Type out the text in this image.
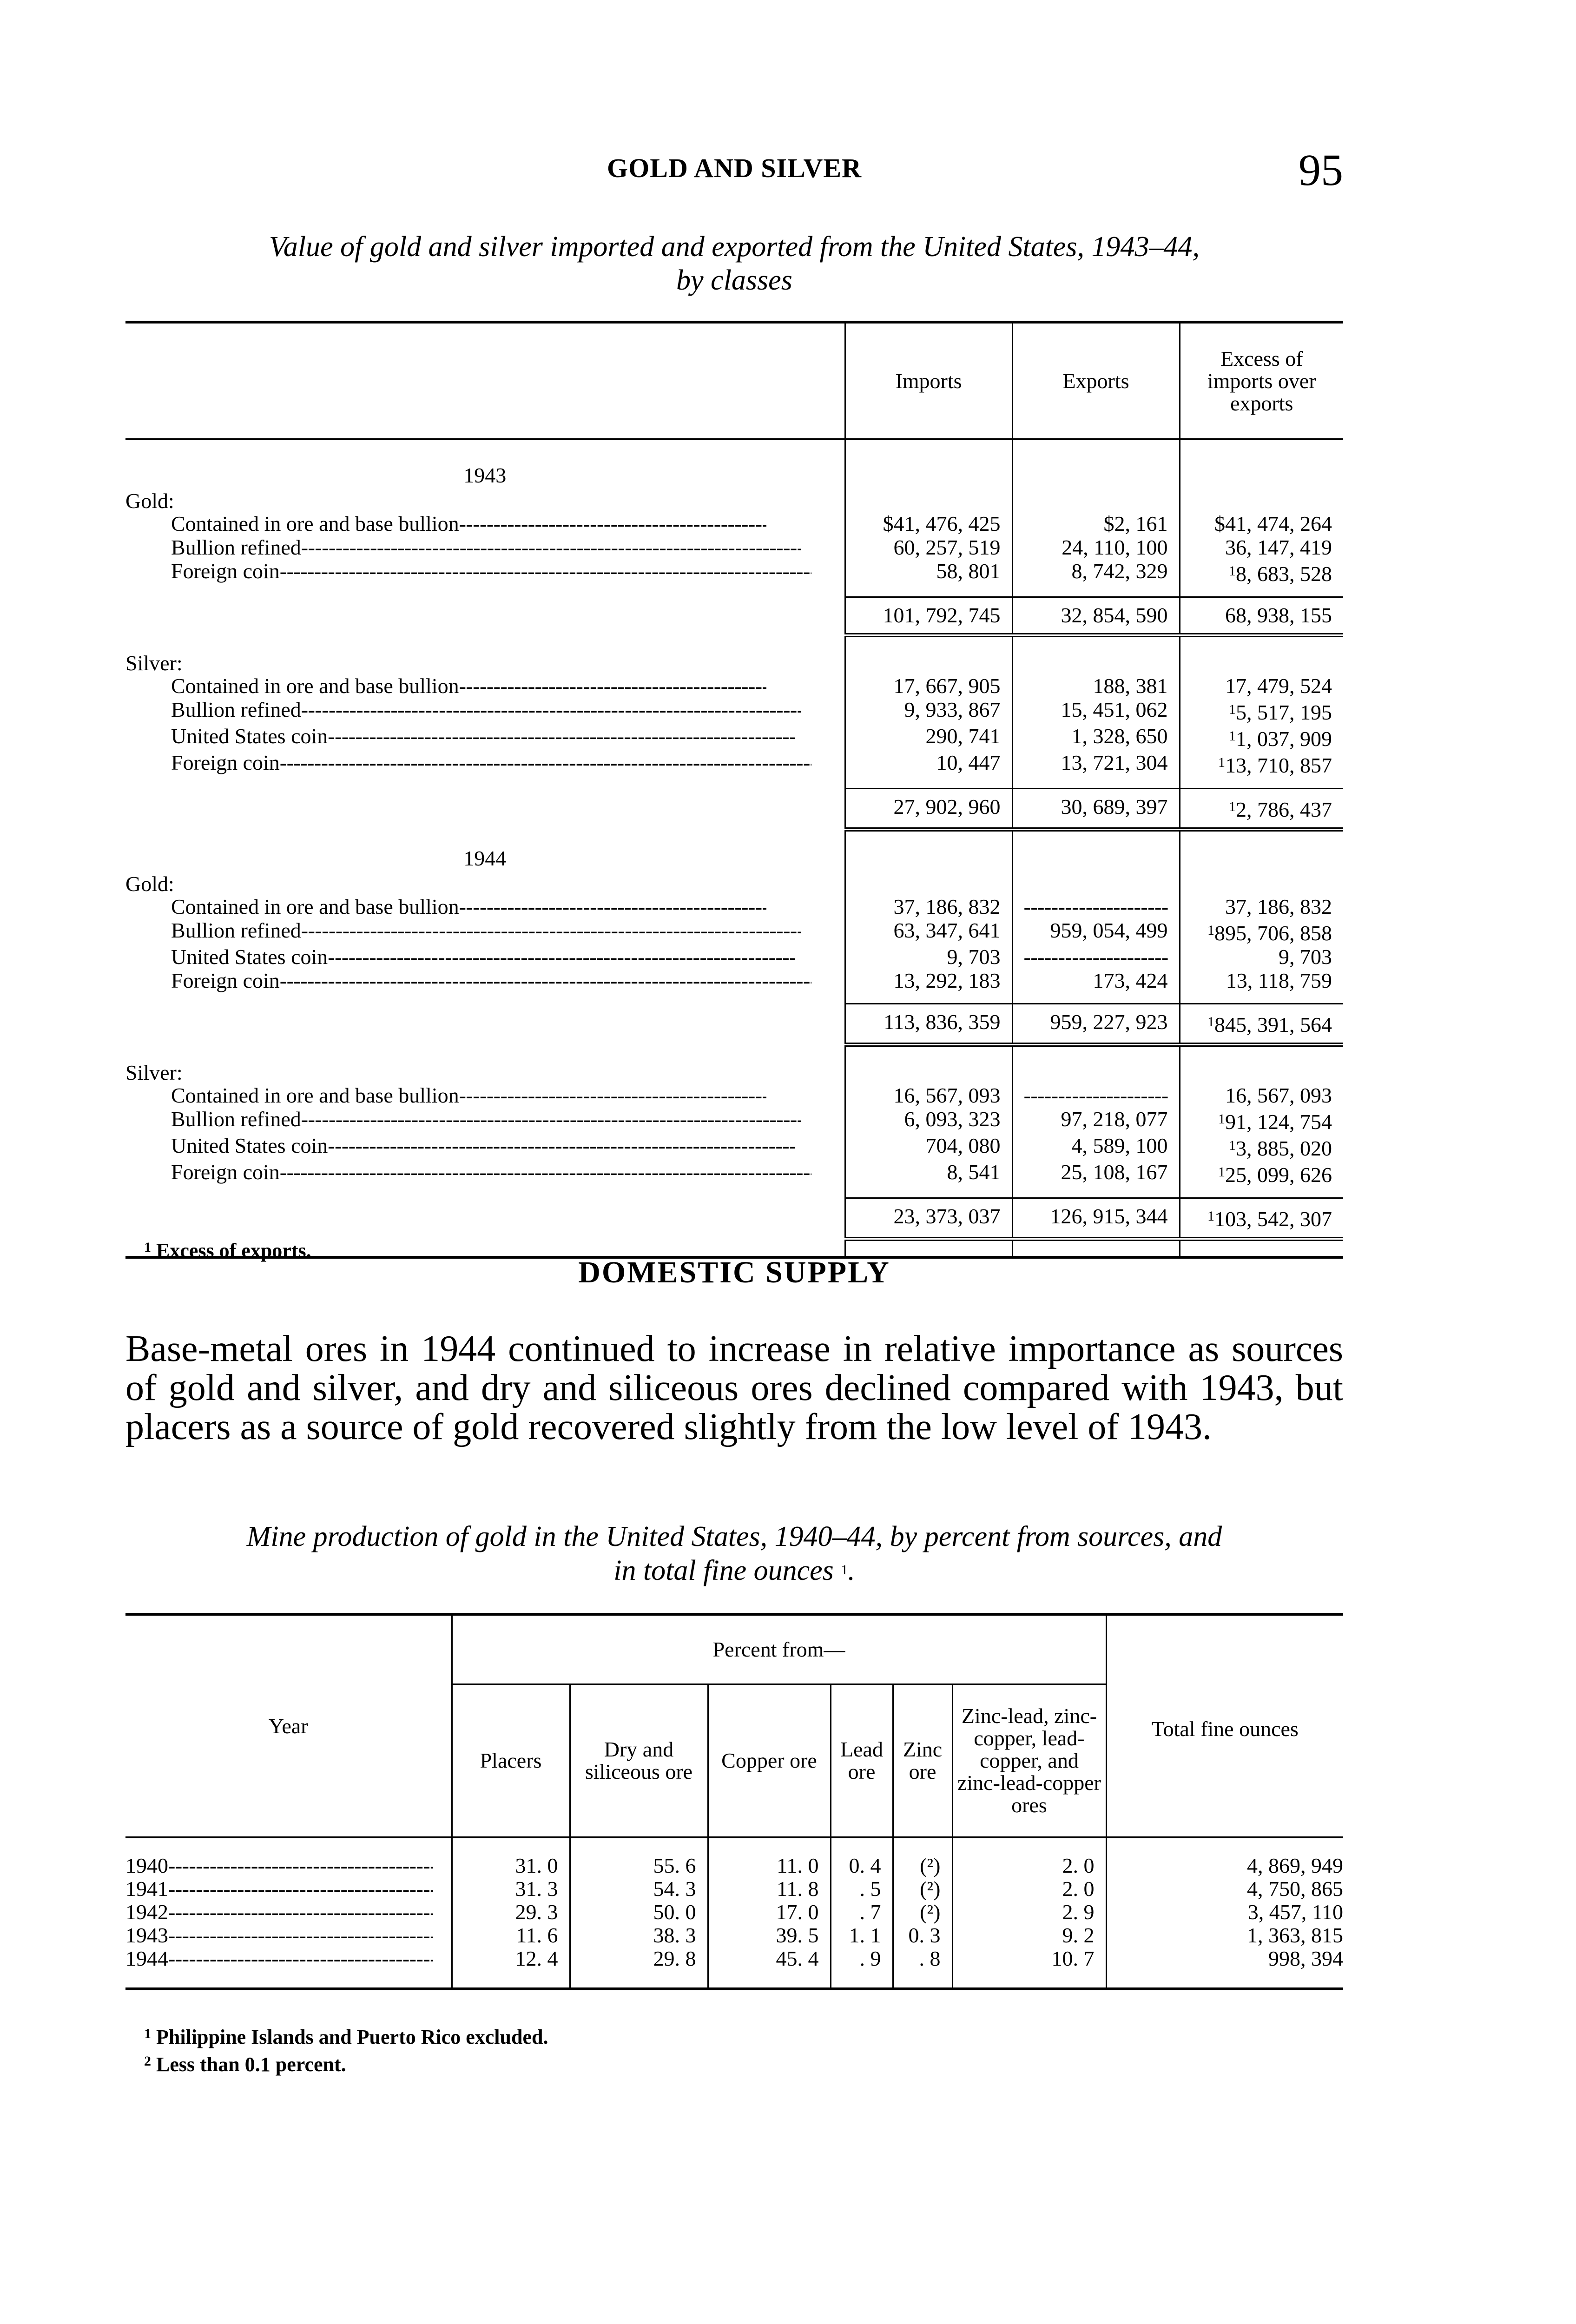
GOLD AND SILVER	95
Value of gold and silver imported and exported from the United States, 1943–44,
by classes
	Imports	Exports	Excess of imports over exports
1943			
Gold:			
Contained in ore and base bullion- - -	$41, 476, 425	$2, 161	$41, 474, 264
Bullion refined- - -	60, 257, 519	24, 110, 100	36, 147, 419
Foreign coin- - -	58, 801	8, 742, 329	$^1$8, 683, 528

	101, 792, 745	32, 854, 590	68, 938, 155

Silver:			
Contained in ore and base bullion- - -	17, 667, 905	188, 381	17, 479, 524
Bullion refined- - -	9, 933, 867	15, 451, 062	$^1$5, 517, 195
United States coin- - -	290, 741	1, 328, 650	$^1$1, 037, 909
Foreign coin- - -	10, 447	13, 721, 304	$^1$13, 710, 857

	27, 902, 960	30, 689, 397	$^1$2, 786, 437
1944			
Gold:			
Contained in ore and base bullion- - -	37, 186, 832	- - -	37, 186, 832
Bullion refined- - -	63, 347, 641	959, 054, 499	$^1$895, 706, 858
United States coin- - -	9, 703	- - -	9, 703
Foreign coin- - -	13, 292, 183	173, 424	13, 118, 759

	113, 836, 359	959, 227, 923	$^1$845, 391, 564

Silver:			
Contained in ore and base bullion- - -	16, 567, 093	- - -	16, 567, 093
Bullion refined- - -	6, 093, 323	97, 218, 077	$^1$91, 124, 754
United States coin- - -	704, 080	4, 589, 100	$^1$3, 885, 020
Foreign coin- - -	8, 541	25, 108, 167	$^1$25, 099, 626

	23, 373, 037	126, 915, 344	$^1$103, 542, 307

$^1$ Excess of exports.
DOMESTIC SUPPLY

Base-metal ores in 1944 continued to increase in relative importance as sources of gold and silver, and dry and siliceous ores declined compared with 1943, but placers as a source of gold recovered slightly from the low level of 1943.

Mine production of gold in the United States, 1940–44, by percent from sources, and
in total fine ounces $^1$.
Year	Percent from—						Total fine ounces
	Placers	Dry and siliceous ore	Copper ore	Lead ore	Zinc ore	Zinc-lead, zinc-copper, lead-copper, and zinc-lead-copper ores	

1940- - -	31. 0	55. 6	11. 0	0. 4	(²)	2. 0	4, 869, 949
1941- - -	31. 3	54. 3	11. 8	. 5	(²)	2. 0	4, 750, 865
1942- - -	29. 3	50. 0	17. 0	. 7	(²)	2. 9	3, 457, 110
1943- - -	11. 6	38. 3	39. 5	1. 1	0. 3	9. 2	1, 363, 815
1944- - -	12. 4	29. 8	45. 4	. 9	. 8	10. 7	998, 394

$^1$ Philippine Islands and Puerto Rico excluded.
$^2$ Less than 0.1 percent.
